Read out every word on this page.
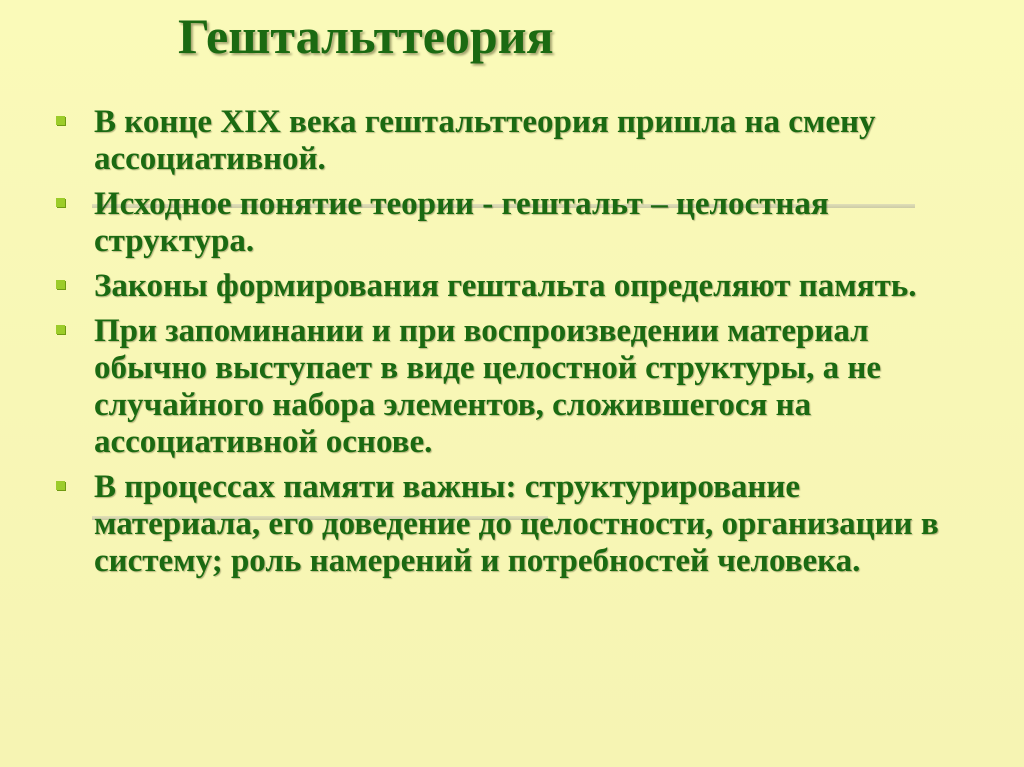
Гештальттеория
В конце XIX века гештальттеория пришла на смену ассоциативной.
Исходное понятие теории - гештальт – целостная структура.
Законы формирования гештальта определяют память.
При запоминании и при воспроизведении материал обычно выступает в виде целостной структуры, а не случайного набора элементов, сложившегося на ассоциативной основе.
В процессах памяти важны: структурирование материала, его доведение до целостности, организации в систему; роль намерений и потребностей человека.
